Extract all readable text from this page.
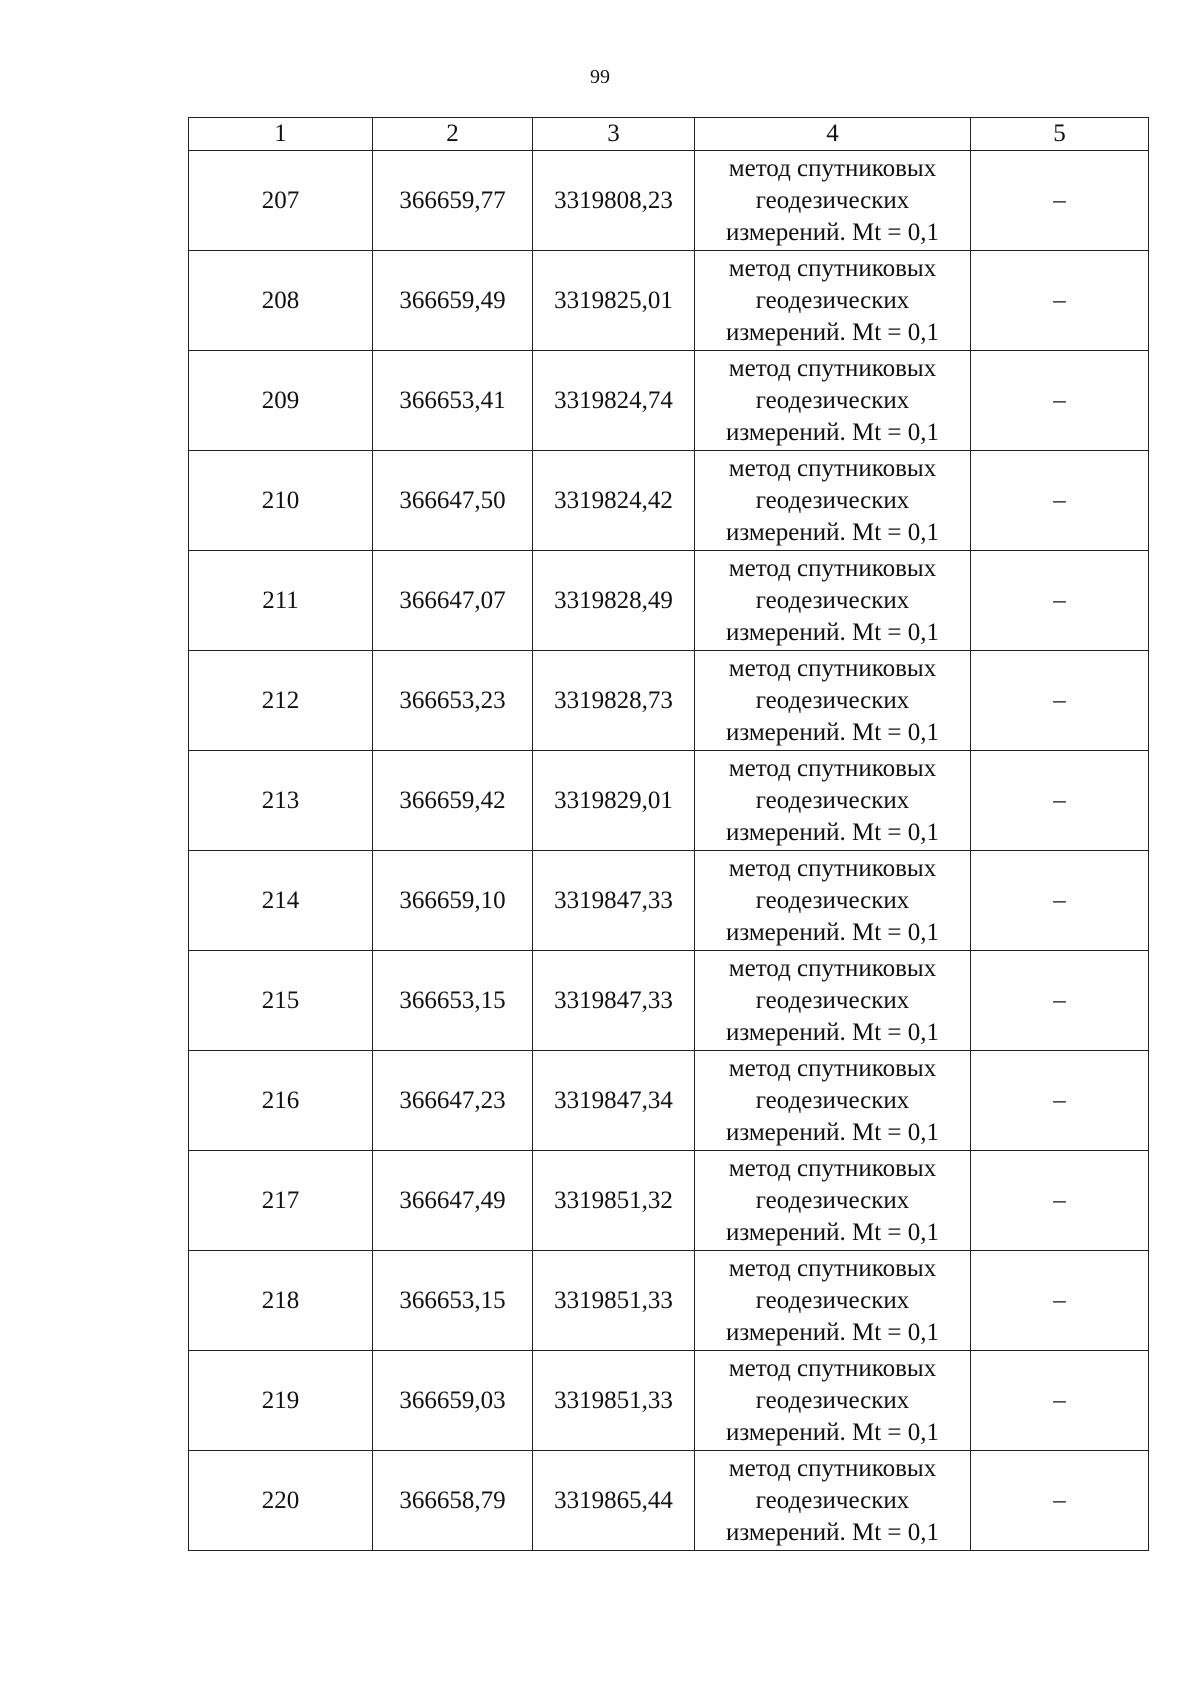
99
1	2	3	4	5
207	366659,77	3319808,23	метод спутниковых
геодезических
измерений. Mt = 0,1	–
208	366659,49	3319825,01	метод спутниковых
геодезических
измерений. Mt = 0,1	–
209	366653,41	3319824,74	метод спутниковых
геодезических
измерений. Mt = 0,1	–
210	366647,50	3319824,42	метод спутниковых
геодезических
измерений. Mt = 0,1	–
211	366647,07	3319828,49	метод спутниковых
геодезических
измерений. Mt = 0,1	–
212	366653,23	3319828,73	метод спутниковых
геодезических
измерений. Mt = 0,1	–
213	366659,42	3319829,01	метод спутниковых
геодезических
измерений. Mt = 0,1	–
214	366659,10	3319847,33	метод спутниковых
геодезических
измерений. Mt = 0,1	–
215	366653,15	3319847,33	метод спутниковых
геодезических
измерений. Mt = 0,1	–
216	366647,23	3319847,34	метод спутниковых
геодезических
измерений. Mt = 0,1	–
217	366647,49	3319851,32	метод спутниковых
геодезических
измерений. Mt = 0,1	–
218	366653,15	3319851,33	метод спутниковых
геодезических
измерений. Mt = 0,1	–
219	366659,03	3319851,33	метод спутниковых
геодезических
измерений. Mt = 0,1	–
220	366658,79	3319865,44	метод спутниковых
геодезических
измерений. Mt = 0,1	–
